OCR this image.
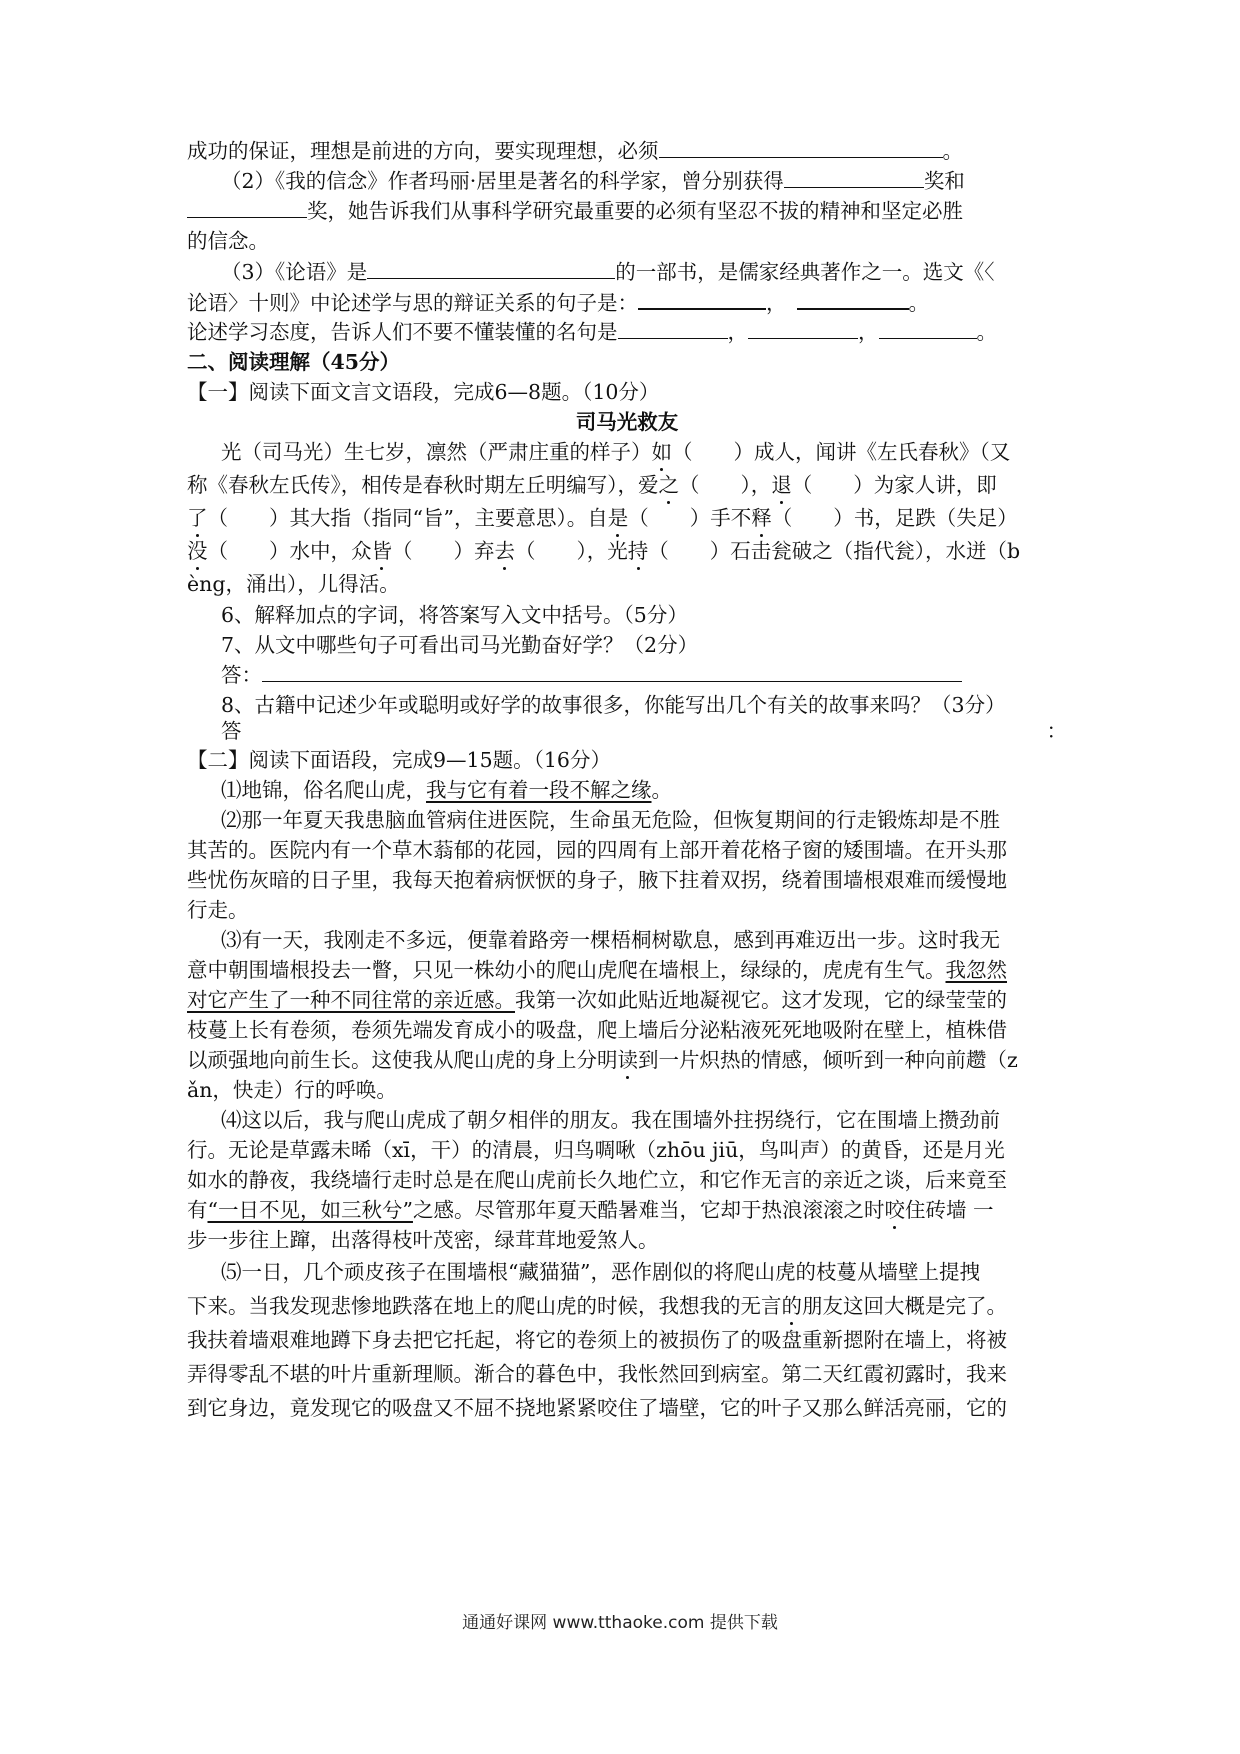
成功的保证，理想是前进的方向，要实现理想，必须	。
（2）《我的信念》作者玛丽·居里是著名的科学家，曾分别获得	奖和
奖，她告诉我们从事科学研究最重要的必须有坚忍不拔的精神和坚定必胜
的信念。
（3）《论语》是	的一部书，是儒家经典著作之一。选文《〈
论语〉十则》中论述学与思的辩证关系的句子是：	，	。
论述学习态度，告诉人们不要不懂装懂的名句是	，	，	。
二、阅读理解（45分）
【一】阅读下面文言文语段，完成6—8题。（10分）
司马光救友
光（司马光）生七岁，凛然（严肃庄重的样子）如（　　）成人，闻讲《左氏春秋》（又
称《春秋左氏传》，相传是春秋时期左丘明编写），爱之（　　），退（　　）为家人讲，即
了（　　）其大指（指同“旨”，主要意思）。自是（　　）手不释（　　）书，足跌（失足）
没（　　）水中，众皆（　　）弃去（　　），光持（　　）石击瓮破之（指代瓮），水迸（b
èng，涌出），儿得活。
6、解释加点的字词，将答案写入文中括号。（5分）
7、从文中哪些句子可看出司马光勤奋好学？（2分）
答：
8、古籍中记述少年或聪明或好学的故事很多，你能写出几个有关的故事来吗？（3分）
答	：
【二】阅读下面语段，完成9—15题。（16分）
⑴地锦，俗名爬山虎，我与它有着一段不解之缘。
⑵那一年夏天我患脑血管病住进医院，生命虽无危险，但恢复期间的行走锻炼却是不胜
其苦的。医院内有一个草木蓊郁的花园，园的四周有上部开着花格子窗的矮围墙。在开头那
些忧伤灰暗的日子里，我每天抱着病恹恹的身子，腋下拄着双拐，绕着围墙根艰难而缓慢地
行走。
⑶有一天，我刚走不多远，便靠着路旁一棵梧桐树歇息，感到再难迈出一步。这时我无
意中朝围墙根投去一瞥，只见一株幼小的爬山虎爬在墙根上，绿绿的，虎虎有生气。我忽然
对它产生了一种不同往常的亲近感。我第一次如此贴近地凝视它。这才发现，它的绿莹莹的
枝蔓上长有卷须，卷须先端发育成小的吸盘，爬上墙后分泌粘液死死地吸附在壁上，植株借
以顽强地向前生长。这使我从爬山虎的身上分明读到一片炽热的情感，倾听到一种向前趱（z
ǎn，快走）行的呼唤。
⑷这以后，我与爬山虎成了朝夕相伴的朋友。我在围墙外拄拐绕行，它在围墙上攒劲前
行。无论是草露未晞（xī，干）的清晨，归鸟啁啾（zhōu jiū，鸟叫声）的黄昏，还是月光
如水的静夜，我绕墙行走时总是在爬山虎前长久地伫立，和它作无言的亲近之谈，后来竟至
有“一日不见，如三秋兮”之感。尽管那年夏天酷暑难当，它却于热浪滚滚之时咬住砖墙 一
步一步往上蹿，出落得枝叶茂密，绿茸茸地爱煞人。
⑸一日，几个顽皮孩子在围墙根“藏猫猫”，恶作剧似的将爬山虎的枝蔓从墙壁上提拽
下来。当我发现悲惨地跌落在地上的爬山虎的时候，我想我的无言的朋友这回大概是完了。
我扶着墙艰难地蹲下身去把它托起，将它的卷须上的被损伤了的吸盘重新摁附在墙上，将被
弄得零乱不堪的叶片重新理顺。渐合的暮色中，我怅然回到病室。第二天红霞初露时，我来
到它身边，竟发现它的吸盘又不屈不挠地紧紧咬住了墙壁，它的叶子又那么鲜活亮丽，它的
通通好课网 www.tthaoke.com 提供下载
